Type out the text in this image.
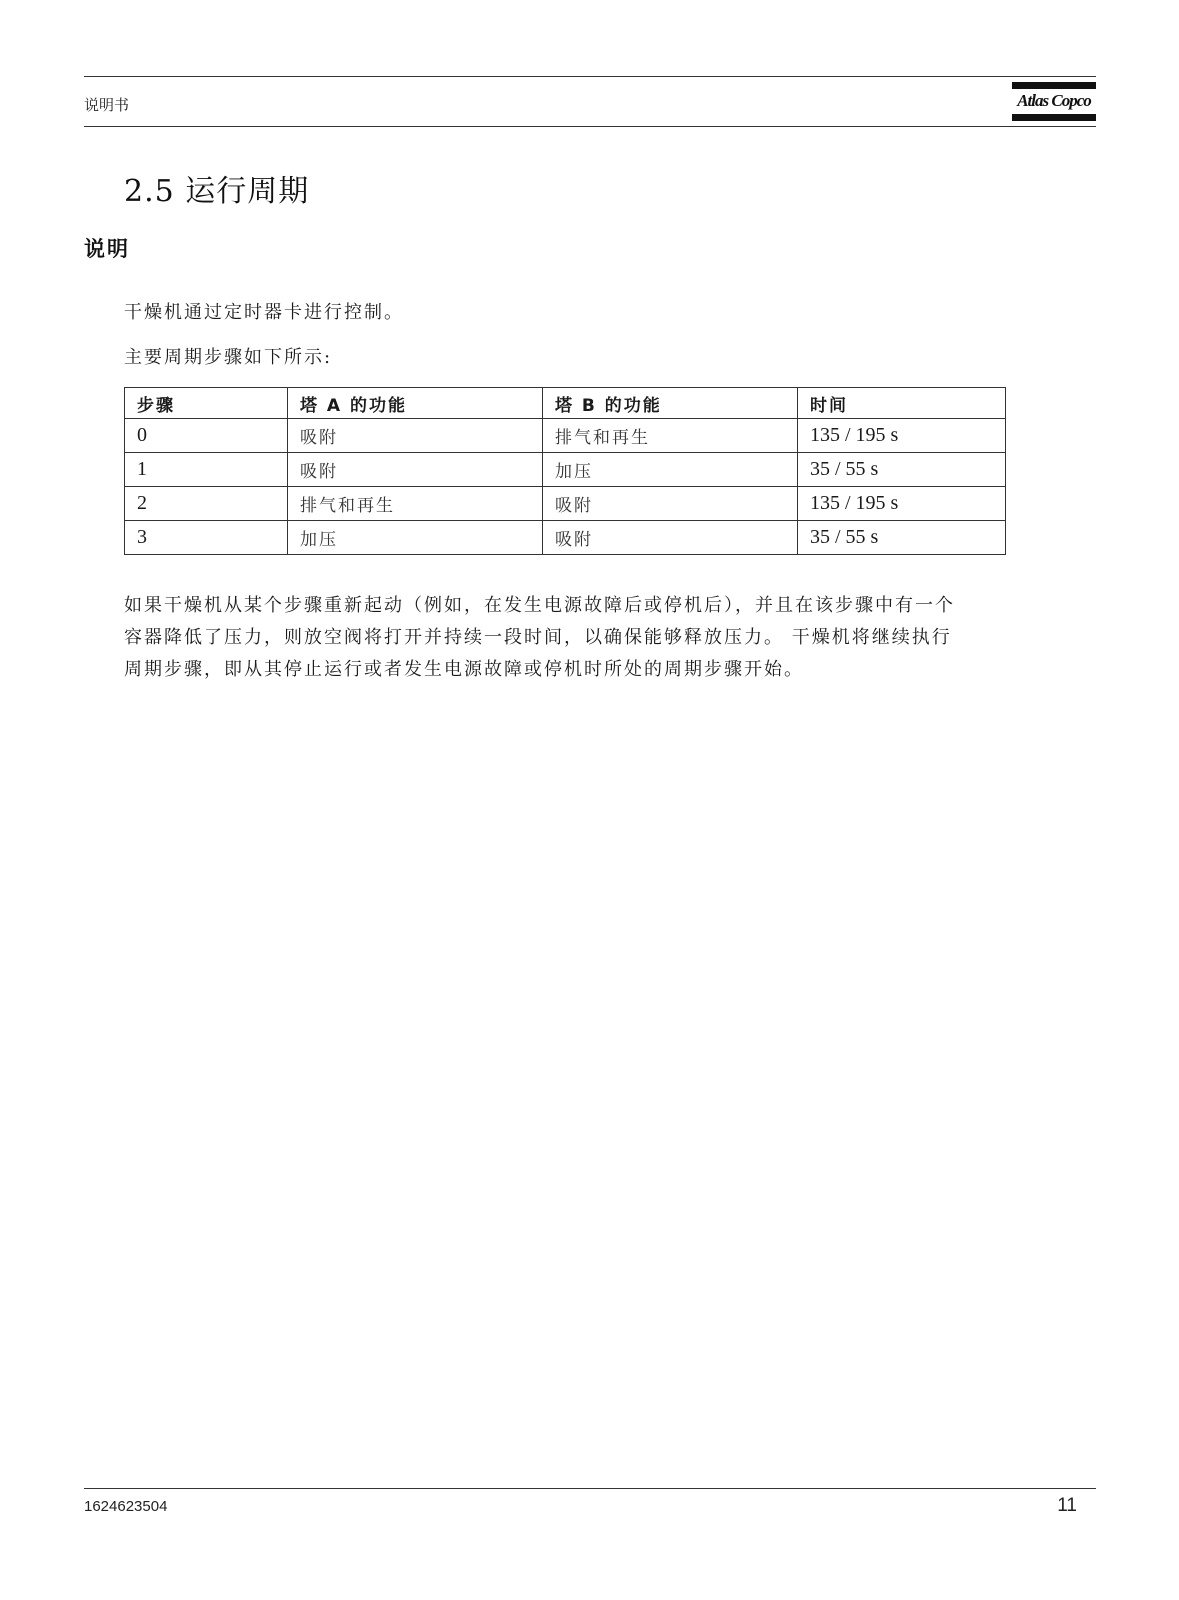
说明书	Atlas Copco
2.5 运行周期
说明
干燥机通过定时器卡进行控制。
主要周期步骤如下所示:
步骤	塔 A 的功能	塔 B 的功能	时间
0	吸附	排气和再生	135 / 195 s
1	吸附	加压	35 / 55 s
2	排气和再生	吸附	135 / 195 s
3	加压	吸附	35 / 55 s
如果干燥机从某个步骤重新起动（例如，在发生电源故障后或停机后），并且在该步骤中有一个
容器降低了压力，则放空阀将打开并持续一段时间，以确保能够释放压力。 干燥机将继续执行
周期步骤，即从其停止运行或者发生电源故障或停机时所处的周期步骤开始。
1624623504	11
